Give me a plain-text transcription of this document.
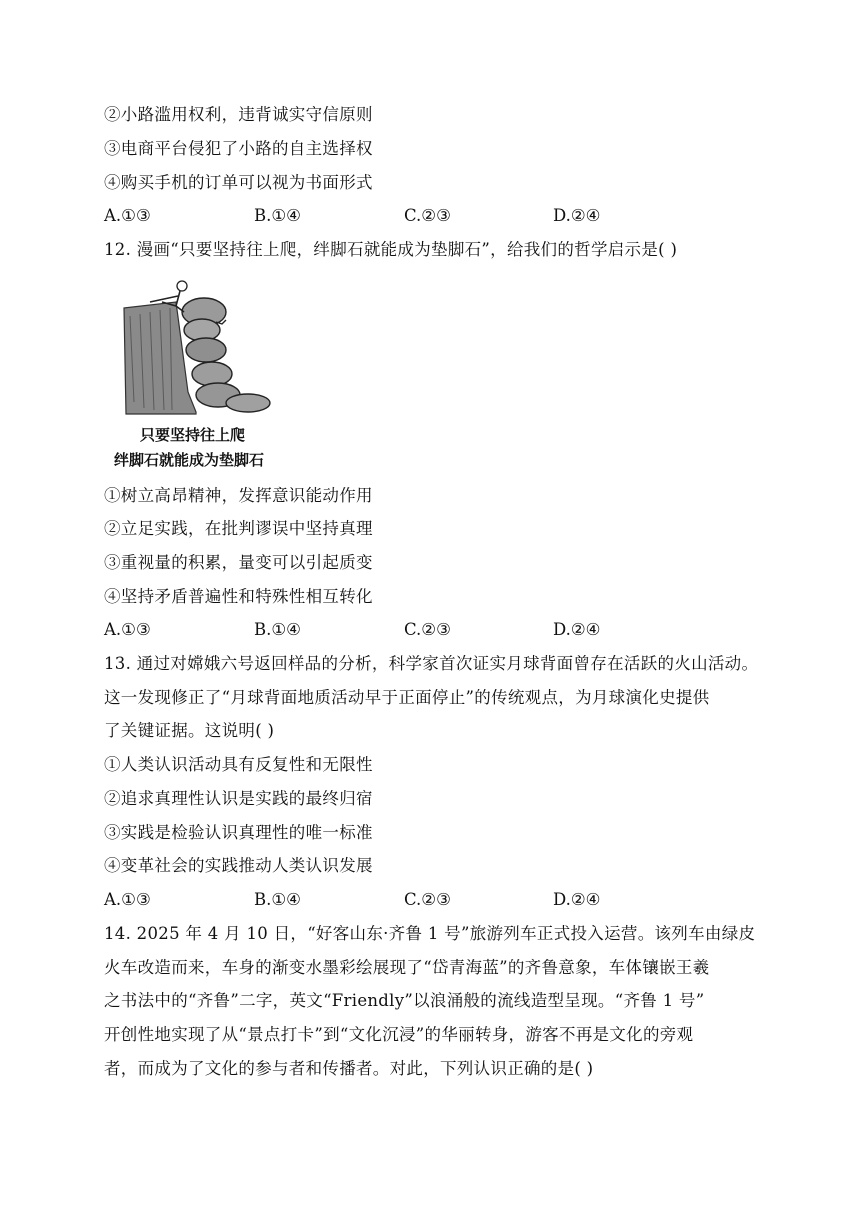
②小路滥用权利，违背诚实守信原则
③电商平台侵犯了小路的自主选择权
④购买手机的订单可以视为书面形式
A.①③	B.①④	C.②③	D.②④
12. 漫画“只要坚持往上爬，绊脚石就能成为垫脚石”，给我们的哲学启示是( )
只要坚持往上爬
绊脚石就能成为垫脚石
①树立高昂精神，发挥意识能动作用
②立足实践，在批判谬误中坚持真理
③重视量的积累，量变可以引起质变
④坚持矛盾普遍性和特殊性相互转化
A.①③	B.①④	C.②③	D.②④
13. 通过对嫦娥六号返回样品的分析，科学家首次证实月球背面曾存在活跃的火山活动。
这一发现修正了“月球背面地质活动早于正面停止”的传统观点，为月球演化史提供
了关键证据。这说明( )
①人类认识活动具有反复性和无限性
②追求真理性认识是实践的最终归宿
③实践是检验认识真理性的唯一标准
④变革社会的实践推动人类认识发展
A.①③	B.①④	C.②③	D.②④
14. 2025 年 4 月 10 日，“好客山东·齐鲁 1 号”旅游列车正式投入运营。该列车由绿皮
火车改造而来，车身的渐变水墨彩绘展现了“岱青海蓝”的齐鲁意象，车体镶嵌王羲
之书法中的“齐鲁”二字，英文“Friendly”以浪涌般的流线造型呈现。“齐鲁 1 号”
开创性地实现了从“景点打卡”到“文化沉浸”的华丽转身，游客不再是文化的旁观
者，而成为了文化的参与者和传播者。对此，下列认识正确的是( )
